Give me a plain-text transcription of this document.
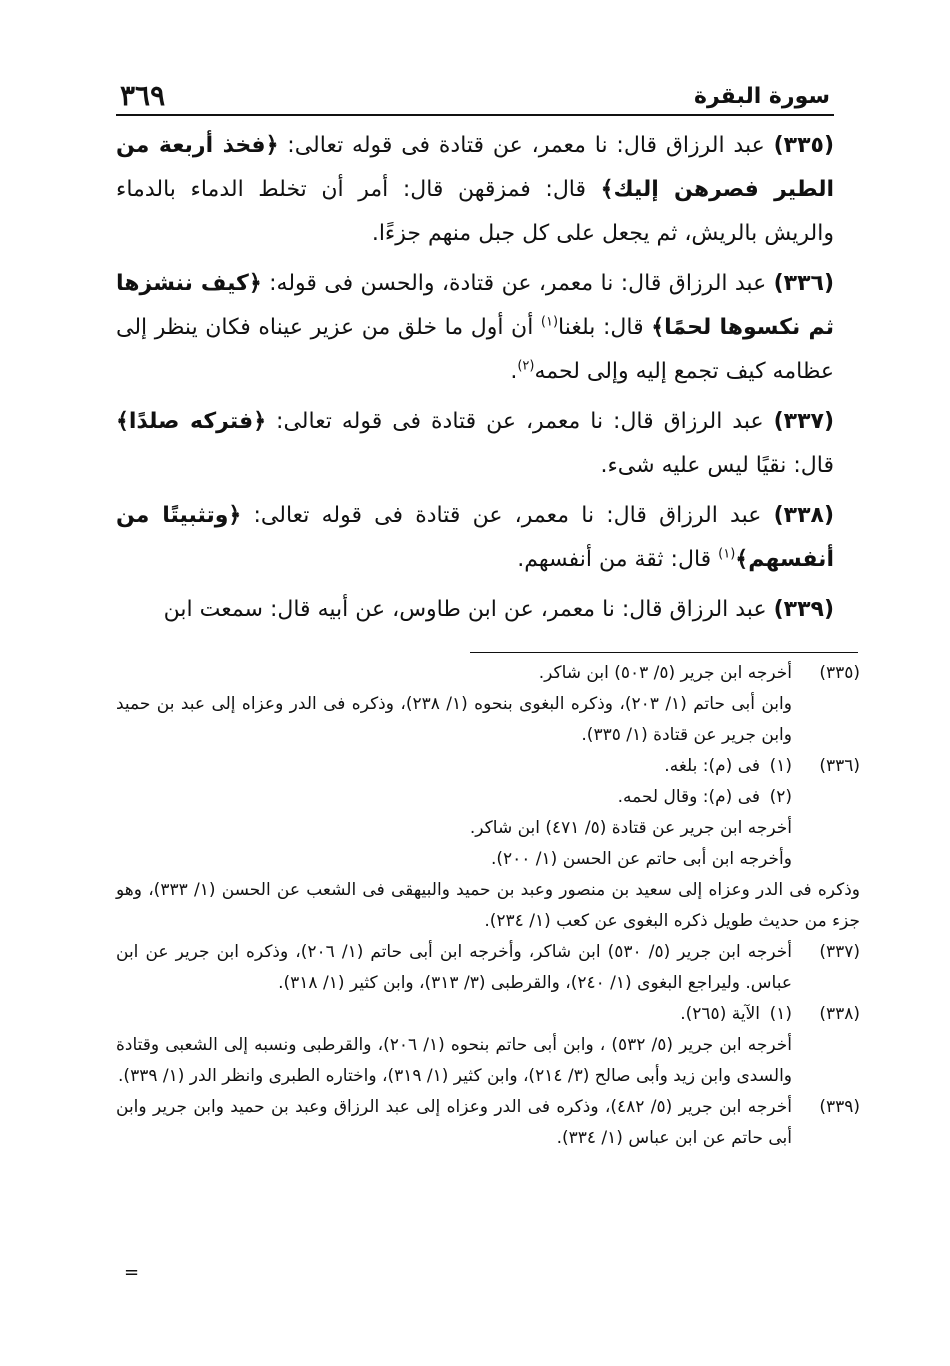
٣٦٩	سورة البقرة

(٣٣٥) عبد الرزاق قال: نا معمر، عن قتادة فى قوله تعالى: ﴿فخذ أربعة من الطير فصرهن إليك﴾ قال: فمزقهن قال: أمر أن تخلط الدماء بالدماء والريش بالريش، ثم يجعل على كل جبل منهم جزءًا.

(٣٣٦) عبد الرزاق قال: نا معمر، عن قتادة، والحسن فى قوله: ﴿كيف ننشزها ثم نكسوها لحمًا﴾ قال: بلغنا$^{(١)}$ أن أول ما خلق من عزير عيناه فكان ينظر إلى عظامه كيف تجمع إليه وإلى لحمه$^{(٢)}$.

(٣٣٧) عبد الرزاق قال: نا معمر، عن قتادة فى قوله تعالى: ﴿فتركه صلدًا﴾ قال: نقيًا ليس عليه شىء.

(٣٣٨) عبد الرزاق قال: نا معمر، عن قتادة فى قوله تعالى: ﴿وتثبيتًا من أنفسهم﴾$^{(١)}$ قال: ثقة من أنفسهم.

(٣٣٩) عبد الرزاق قال: نا معمر، عن ابن طاوس، عن أبيه قال: سمعت ابن

(٣٣٥)
أخرجه ابن جرير (٥/ ٥٠٣) ابن شاكر.
وابن أبى حاتم (١/ ٢٠٣)، وذكره البغوى بنحوه (١/ ٢٣٨)، وذكره فى الدر وعزاه إلى عبد بن حميد وابن جرير عن قتادة (١/ ٣٣٥).
(٣٣٦)
(١)
فى (م): بلغه.
(٢)
فى (م): وقال لحمه.
أخرجه ابن جرير عن قتادة (٥/ ٤٧١) ابن شاكر.
وأخرجه ابن أبى حاتم عن الحسن (١/ ٢٠٠).
وذكره فى الدر وعزاه إلى سعيد بن منصور وعبد بن حميد والبيهقى فى الشعب عن الحسن (١/ ٣٣٣)، وهو جزء من حديث طويل ذكره البغوى عن كعب (١/ ٢٣٤).
(٣٣٧)
أخرجه ابن جرير (٥/ ٥٣٠) ابن شاكر، وأخرجه ابن أبى حاتم (١/ ٢٠٦)، وذكره ابن جرير عن ابن عباس. وليراجع البغوى (١/ ٢٤٠)، والقرطبى (٣/ ٣١٣)، وابن كثير (١/ ٣١٨).
(٣٣٨)
(١)
الآية (٢٦٥).
أخرجه ابن جرير (٥/ ٥٣٢) ، وابن أبى حاتم بنحوه (١/ ٢٠٦)، والقرطبى ونسبه إلى الشعبى وقتادة والسدى وابن زيد وأبى صالح (٣/ ٢١٤)، وابن كثير (١/ ٣١٩)، واختاره الطبرى وانظر الدر (١/ ٣٣٩).
(٣٣٩)
أخرجه ابن جرير (٥/ ٤٨٢)، وذكره فى الدر وعزاه إلى عبد الرزاق وعبد بن حميد وابن جرير وابن أبى حاتم عن ابن عباس (١/ ٣٣٤).
=
